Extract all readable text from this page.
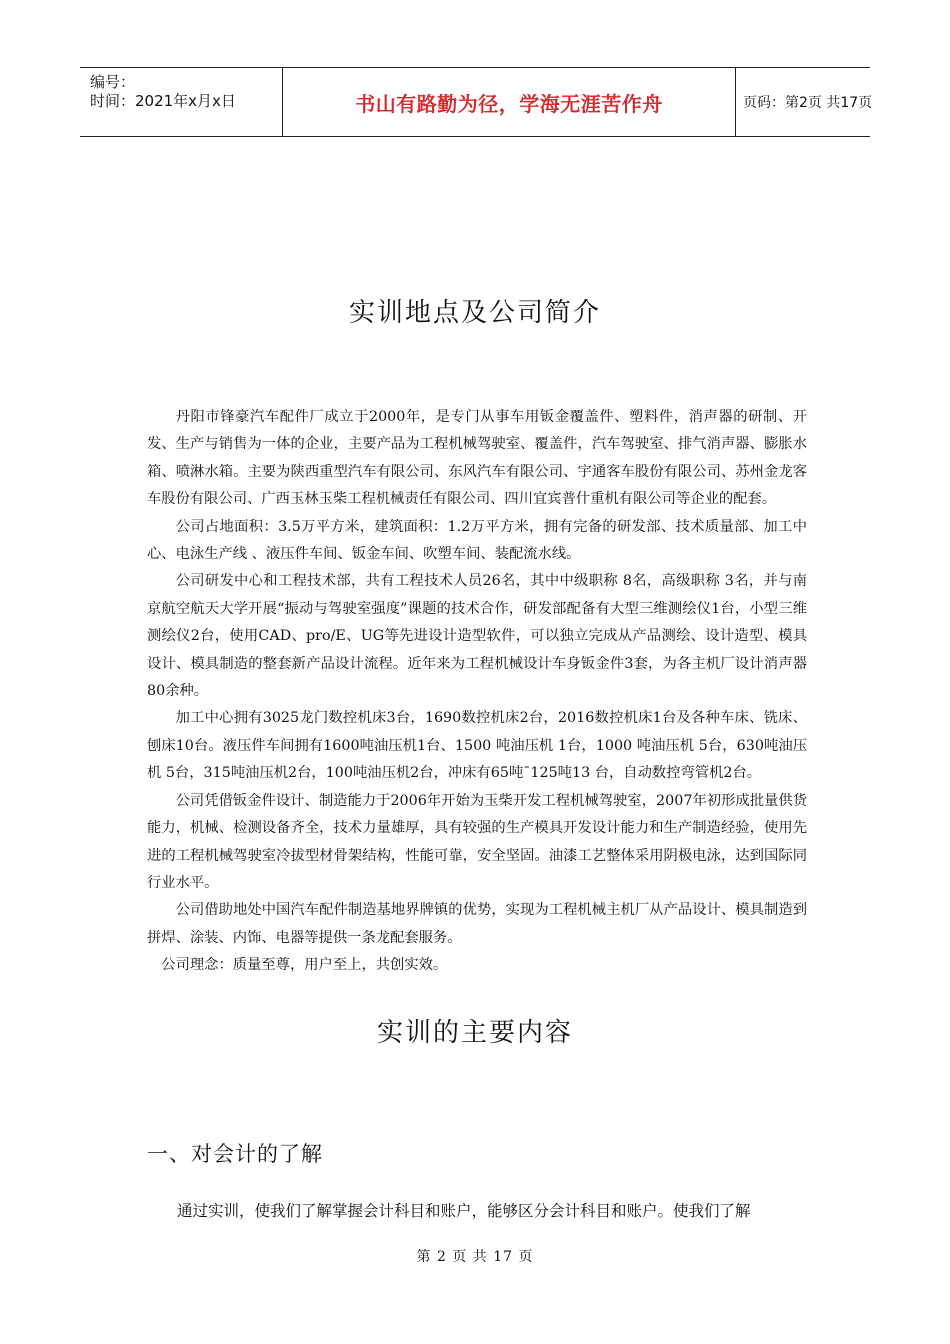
编号：
时间：2021年x月x日	书山有路勤为径，学海无涯苦作舟	页码：第2页 共17页
实训地点及公司简介

丹阳市锋豪汽车配件厂成立于2000年，是专门从事车用钣金覆盖件、塑料件，消声器的研制、开发、生产与销售为一体的企业，主要产品为工程机械驾驶室、覆盖件，汽车驾驶室、排气消声器、膨胀水箱、喷淋水箱。主要为陕西重型汽车有限公司、东风汽车有限公司、宇通客车股份有限公司、苏州金龙客车股份有限公司、广西玉林玉柴工程机械责任有限公司、四川宜宾普什重机有限公司等企业的配套。

公司占地面积：3.5万平方米，建筑面积：1.2万平方米，拥有完备的研发部、技术质量部、加工中心、电泳生产线 、液压件车间、钣金车间、吹塑车间、装配流水线。

公司研发中心和工程技术部，共有工程技术人员26名，其中中级职称 8名，高级职称 3名，并与南京航空航天大学开展“振动与驾驶室强度”课题的技术合作，研发部配备有大型三维测绘仪1台，小型三维测绘仪2台，使用CAD、pro/E、UG等先进设计造型软件，可以独立完成从产品测绘、设计造型、模具设计、模具制造的整套新产品设计流程。近年来为工程机械设计车身钣金件3套，为各主机厂设计消声器80余种。

加工中心拥有3025龙门数控机床3台，1690数控机床2台，2016数控机床1台及各种车床、铣床、刨床10台。液压件车间拥有1600吨油压机1台、1500 吨油压机 1台，1000 吨油压机 5台，630吨油压机 5台，315吨油压机2台，100吨油压机2台，冲床有65吨¯125吨13 台，自动数控弯管机2台。

公司凭借钣金件设计、制造能力于2006年开始为玉柴开发工程机械驾驶室，2007年初形成批量供货能力，机械、检测设备齐全，技术力量雄厚，具有较强的生产模具开发设计能力和生产制造经验，使用先进的工程机械驾驶室冷拔型材骨架结构，性能可靠，安全坚固。油漆工艺整体采用阴极电泳，达到国际同行业水平。

公司借助地处中国汽车配件制造基地界牌镇的优势，实现为工程机械主机厂从产品设计、模具制造到拼焊、涂装、内饰、电器等提供一条龙配套服务。

公司理念：质量至尊，用户至上，共创实效。

实训的主要内容
一、对会计的了解
通过实训，使我们了解掌握会计科目和账户，能够区分会计科目和账户。使我们了解
第 2 页 共 17 页
